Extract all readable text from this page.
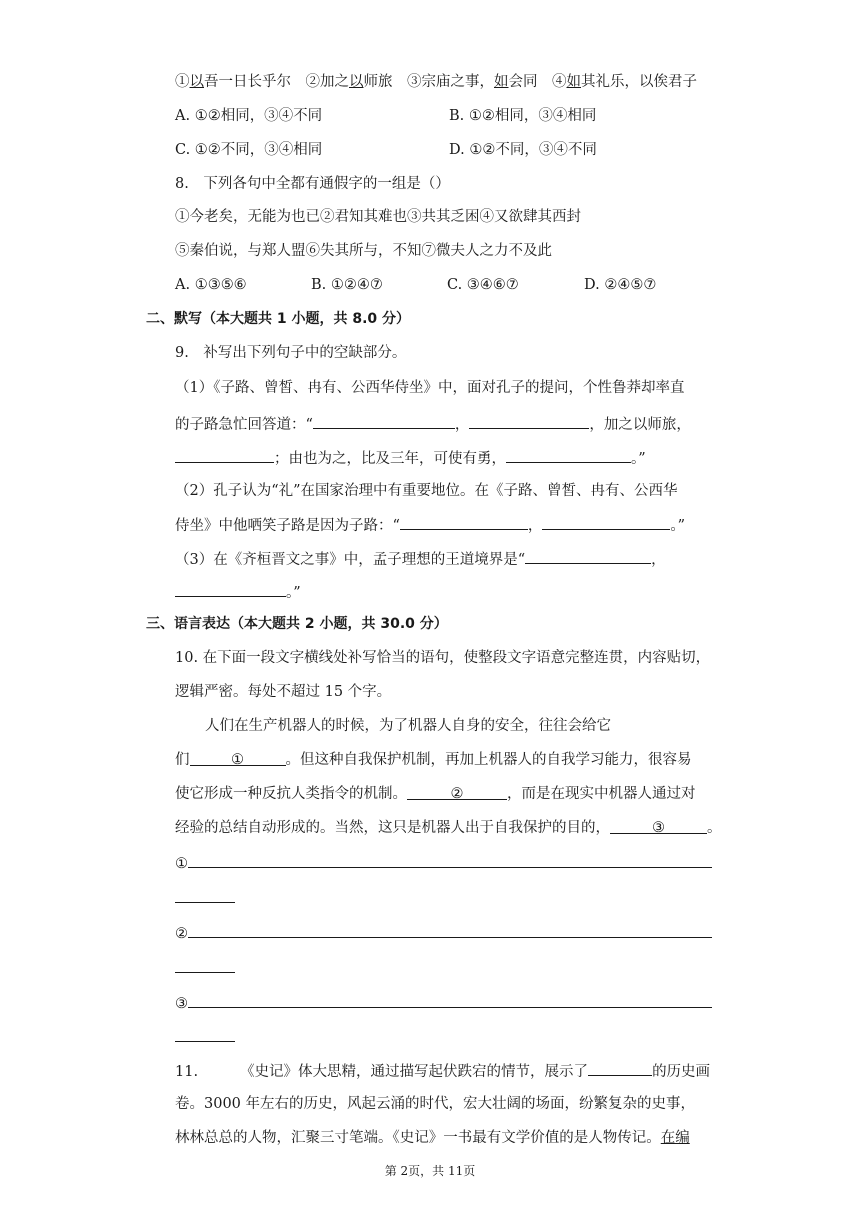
①以吾一日长乎尔　②加之以师旅　③宗庙之事，如会同　④如其礼乐，以俟君子
A. ①②相同，③④不同	B. ①②相同，③④相同
C. ①②不同，③④相同	D. ①②不同，③④不同
8.　下列各句中全都有通假字的一组是（）
①今老矣，无能为也已②君知其难也③共其乏困④又欲肆其西封
⑤秦伯说，与郑人盟⑥失其所与，不知⑦微夫人之力不及此
A. ①③⑤⑥	B. ①②④⑦	C. ③④⑥⑦	D. ②④⑤⑦
二、默写（本大题共 1 小题，共 8.0 分）
9.　补写出下列句子中的空缺部分。
（1）《子路、曾皙、冉有、公西华侍坐》中，面对孔子的提问，个性鲁莽却率直
的子路急忙回答道：“	，	，加之以师旅，
；由也为之，比及三年，可使有勇，	。”
（2）孔子认为“礼”在国家治理中有重要地位。在《子路、曾皙、冉有、公西华
侍坐》中他哂笑子路是因为子路：“	，	。”
（3）在《齐桓晋文之事》中，孟子理想的王道境界是“	，
。”
三、语言表达（本大题共 2 小题，共 30.0 分）
10. 在下面一段文字横线处补写恰当的语句，使整段文字语意完整连贯，内容贴切，
逻辑严密。每处不超过 15 个字。
人们在生产机器人的时候，为了机器人自身的安全，往往会给它
们	①	。但这种自我保护机制，再加上机器人的自我学习能力，很容易
使它形成一种反抗人类指令的机制。	②	，而是在现实中机器人通过对
经验的总结自动形成的。当然，这只是机器人出于自我保护的目的，	③	。
①
②
③
11.	《史记》体大思精，通过描写起伏跌宕的情节，展示了	的历史画
卷。3000 年左右的历史，风起云涌的时代，宏大壮阔的场面，纷繁复杂的史事，
林林总总的人物，汇聚三寸笔端。《史记》一书最有文学价值的是人物传记。在编
第 2页，共 11页
